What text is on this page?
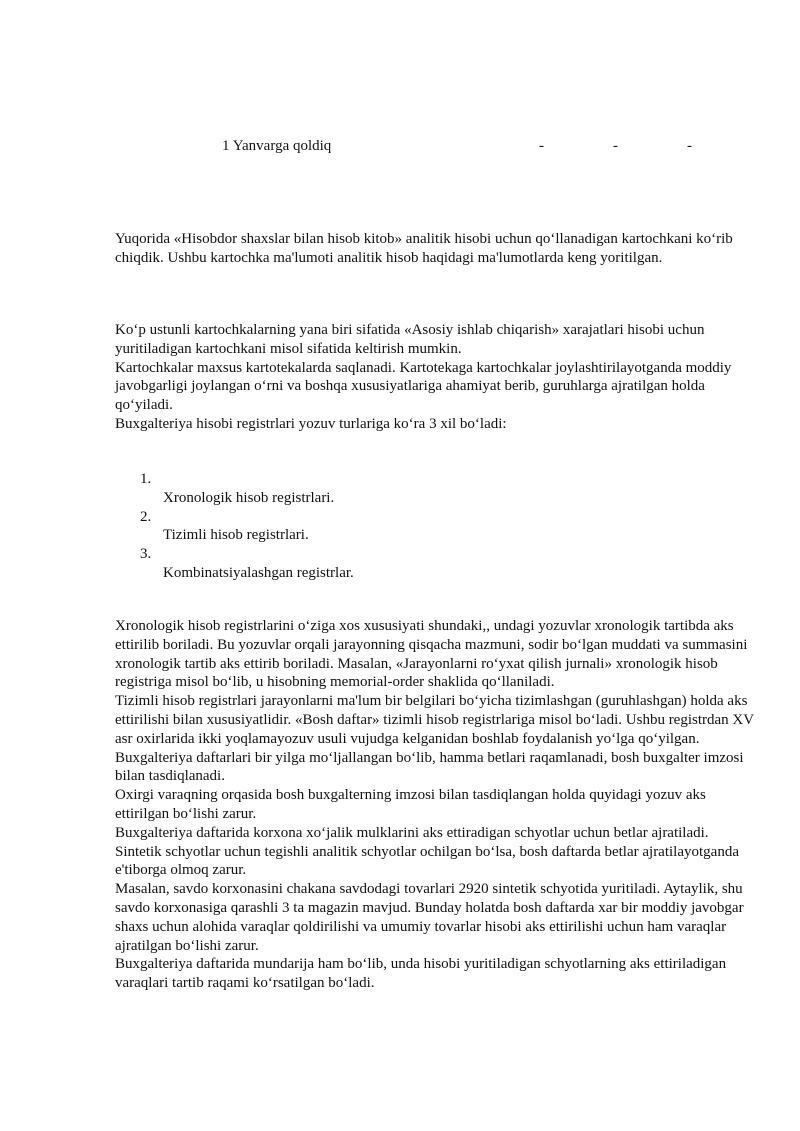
1 Yanvarga qoldiq	-	-	-

Yuqorida «Hisobdor shaxslar bilan hisob kitob» analitik hisobi uchun qo‘llanadigan kartochkani ko‘rib chiqdik. Ushbu kartochka ma'lumoti analitik hisob haqidagi ma'lumotlarda keng yoritilgan.

Ko‘p ustunli kartochkalarning yana biri sifatida «Asosiy ishlab chiqarish» xarajatlari hisobi uchun yuritiladigan kartochkani misol sifatida keltirish mumkin.

Kartochkalar maxsus kartotekalarda saqlanadi. Kartotekaga kartochkalar joylashtirilayotganda moddiy javobgarligi joylangan o‘rni va boshqa xususiyatlariga ahamiyat berib, guruhlarga ajratilgan holda qo‘yiladi.

Buxgalteriya hisobi registrlari yozuv turlariga ko‘ra 3 xil bo‘ladi:

1.
Xronologik hisob registrlari.
2.
Tizimli hisob registrlari.
3.
Kombinatsiyalashgan registrlar.

Xronologik hisob registrlarini o‘ziga xos xususiyati shundaki,, undagi yozuvlar xronologik tartibda aks ettirilib boriladi. Bu yozuvlar orqali jarayonning qisqacha mazmuni, sodir bo‘lgan muddati va summasini xronologik tartib aks ettirib boriladi. Masalan, «Jarayonlarni ro‘yxat qilish jurnali» xronologik hisob registriga misol bo‘lib, u hisobning memorial-order shaklida qo‘llaniladi.

Tizimli hisob registrlari jarayonlarni ma'lum bir belgilari bo‘yicha tizimlashgan (guruhlashgan) holda aks ettirilishi bilan xususiyatlidir. «Bosh daftar» tizimli hisob registrlariga misol bo‘ladi. Ushbu registrdan XV asr oxirlarida ikki yoqlamayozuv usuli vujudga kelganidan boshlab foydalanish yo‘lga qo‘yilgan.

Buxgalteriya daftarlari bir yilga mo‘ljallangan bo‘lib, hamma betlari raqamlanadi, bosh buxgalter imzosi bilan tasdiqlanadi.

Oxirgi varaqning orqasida bosh buxgalterning imzosi bilan tasdiqlangan holda quyidagi yozuv aks ettirilgan bo‘lishi zarur.

Buxgalteriya daftarida korxona xo‘jalik mulklarini aks ettiradigan schyotlar uchun betlar ajratiladi. Sintetik schyotlar uchun tegishli analitik schyotlar ochilgan bo‘lsa, bosh daftarda betlar ajratilayotganda e'tiborga olmoq zarur.

Masalan, savdo korxonasini chakana savdodagi tovarlari 2920 sintetik schyotida yuritiladi. Aytaylik, shu savdo korxonasiga qarashli 3 ta magazin mavjud. Bunday holatda bosh daftarda xar bir moddiy javobgar shaxs uchun alohida varaqlar qoldirilishi va umumiy tovarlar hisobi aks ettirilishi uchun ham varaqlar ajratilgan bo‘lishi zarur.

Buxgalteriya daftarida mundarija ham bo‘lib, unda hisobi yuritiladigan schyotlarning aks ettiriladigan varaqlari tartib raqami ko‘rsatilgan bo‘ladi.
